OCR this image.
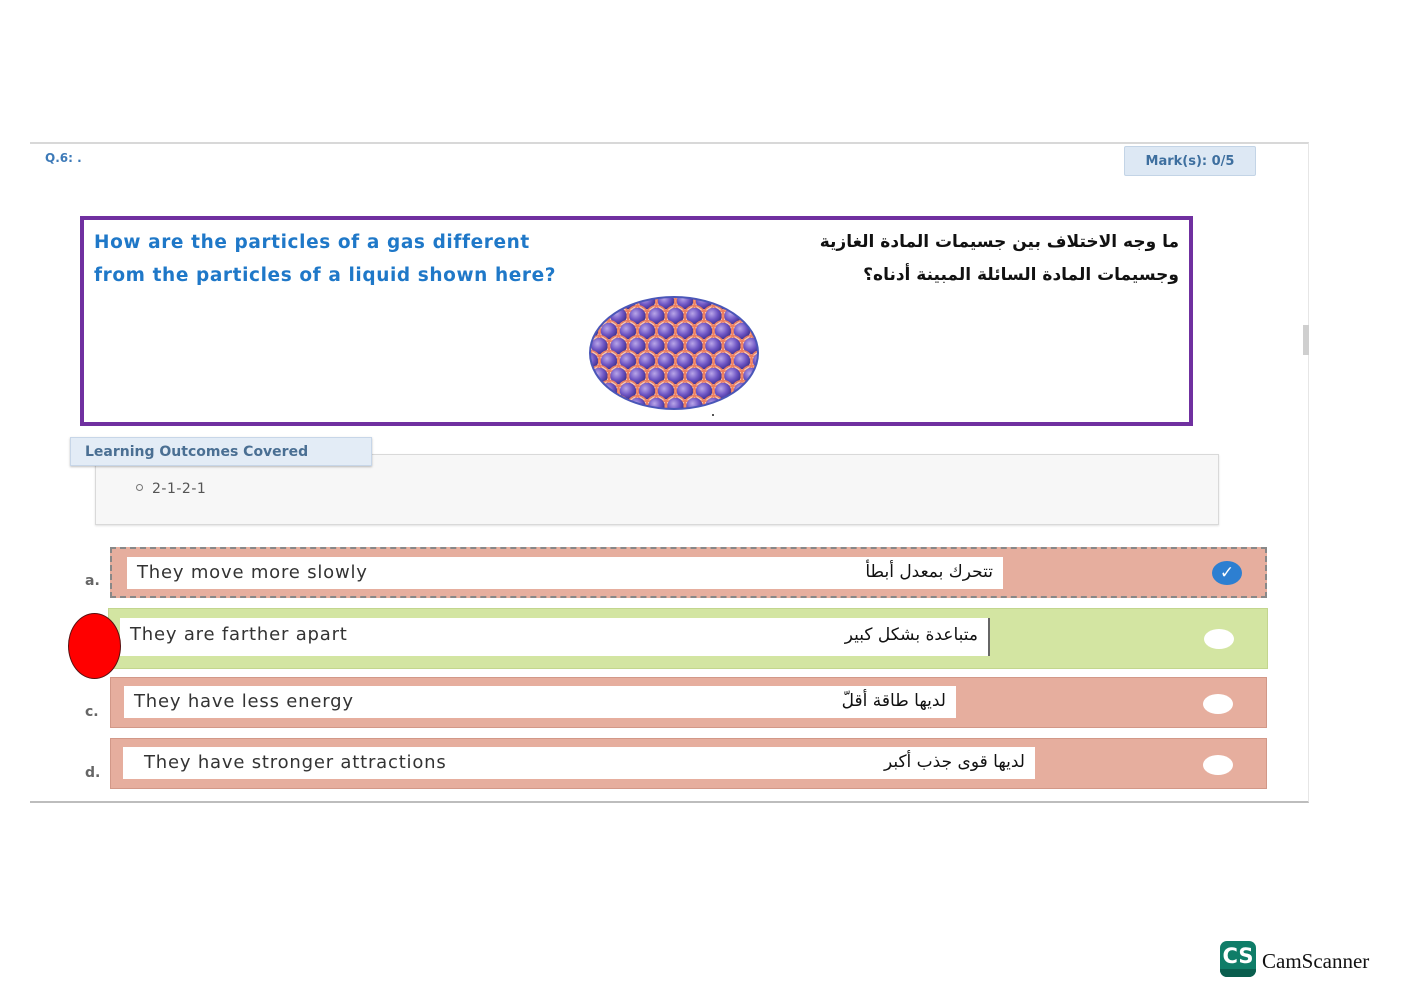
Q.6: .	Mark(s): 0/5
How are the particles of a gas different
from the particles of a liquid shown here?
ما وجه الاختلاف بين جسيمات المادة الغازية
وجسيمات المادة السائلة المبينة أدناه؟
2-1-2-1
Learning Outcomes Covered
a. They move more slowly	تتحرك بمعدل أبطأ	✓
They are farther apart	متباعدة بشكل كبير
c. They have less energy	لديها طاقة أقلّ
d. They have stronger attractions	لديها قوى جذب أكبر
CS CamScanner
